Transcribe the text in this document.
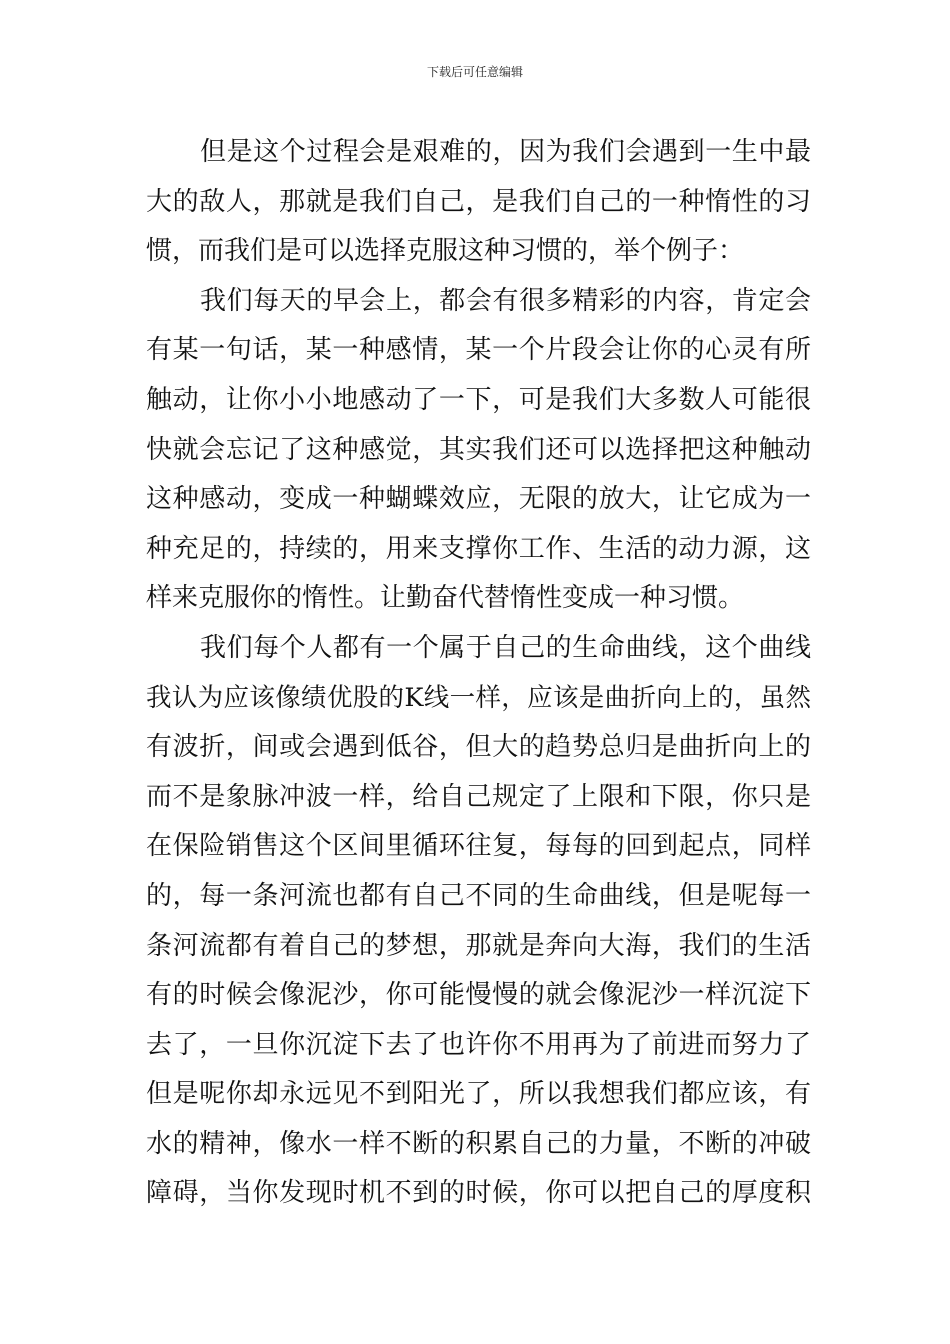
下载后可任意编辑
但是这个过程会是艰难的，因为我们会遇到一生中最
大的敌人，那就是我们自己，是我们自己的一种惰性的习
惯，而我们是可以选择克服这种习惯的，举个例子：
我们每天的早会上，都会有很多精彩的内容，肯定会
有某一句话，某一种感情，某一个片段会让你的心灵有所
触动，让你小小地感动了一下，可是我们大多数人可能很
快就会忘记了这种感觉，其实我们还可以选择把这种触动
这种感动，变成一种蝴蝶效应，无限的放大，让它成为一
种充足的，持续的，用来支撑你工作、生活的动力源，这
样来克服你的惰性。让勤奋代替惰性变成一种习惯。
我们每个人都有一个属于自己的生命曲线，这个曲线
我认为应该像绩优股的K线一样，应该是曲折向上的，虽然
有波折，间或会遇到低谷，但大的趋势总归是曲折向上的
而不是象脉冲波一样，给自己规定了上限和下限，你只是
在保险销售这个区间里循环往复，每每的回到起点，同样
的，每一条河流也都有自己不同的生命曲线，但是呢每一
条河流都有着自己的梦想，那就是奔向大海，我们的生活
有的时候会像泥沙，你可能慢慢的就会像泥沙一样沉淀下
去了，一旦你沉淀下去了也许你不用再为了前进而努力了
但是呢你却永远见不到阳光了，所以我想我们都应该，有
水的精神，像水一样不断的积累自己的力量，不断的冲破
障碍，当你发现时机不到的时候，你可以把自己的厚度积
